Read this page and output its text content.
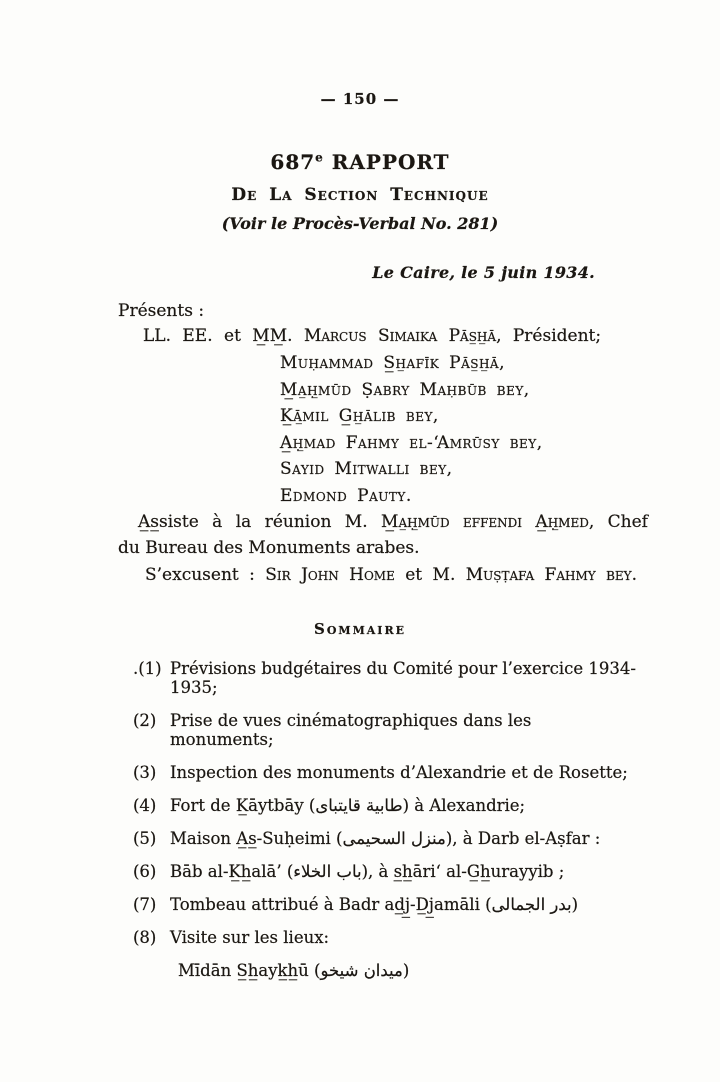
— 150 —
687e RAPPORT
De La Section Technique
(Voir le Procès-Verbal No. 281)
Le Caire, le 5 juin 1934.
Présents :
LL. EE. et M̲M̲. Marcus Simaika Pās̲h̲ā, Président;
Muḥammad S̲h̲afīk Pās̲h̲ā,
M̲a̲ḥ̲mūd Ṣabry Maḥbūb bey,
K̲ā̲mil G̲h̲ālib bey,
A̲ḥ̲mad Fahmy el-‘Amrūsy bey,
Sayid Mitwalli bey,
Edmond Pauty.
A̲s̲siste à la réunion M. M̲a̲ḥ̲mūd effendi A̲ḥ̲med, Chef
du Bureau des Monuments arabes.
S’excusent : Sir John Home et M. Muṣṭafa Fahmy bey.
Sommaire
.(1) Prévisions budgétaires du Comité pour l’exercice 1934-1935;
(2) Prise de vues cinématographiques dans les monuments;
(3) Inspection des monuments d’Alexandrie et de Rosette;
(4) Fort de K̲āytbāy (طابية قايتباى) à Alexandrie;
(5) Maison A̲s̲-Suḥeimi (منزل السحيمى), à Darb el-Aṣfar :
(6) Bāb al-K̲h̲alā’ (باب الخلاء), à s̲h̲āri‘ al-G̲h̲urayyib ;
(7) Tombeau attribué à Badr ad̲j̲-D̲j̲amāli (بدر الجمالى)
(8) Visite sur les lieux:
Mīdān S̲h̲ayk̲h̲ū (ميدان شيخو)
